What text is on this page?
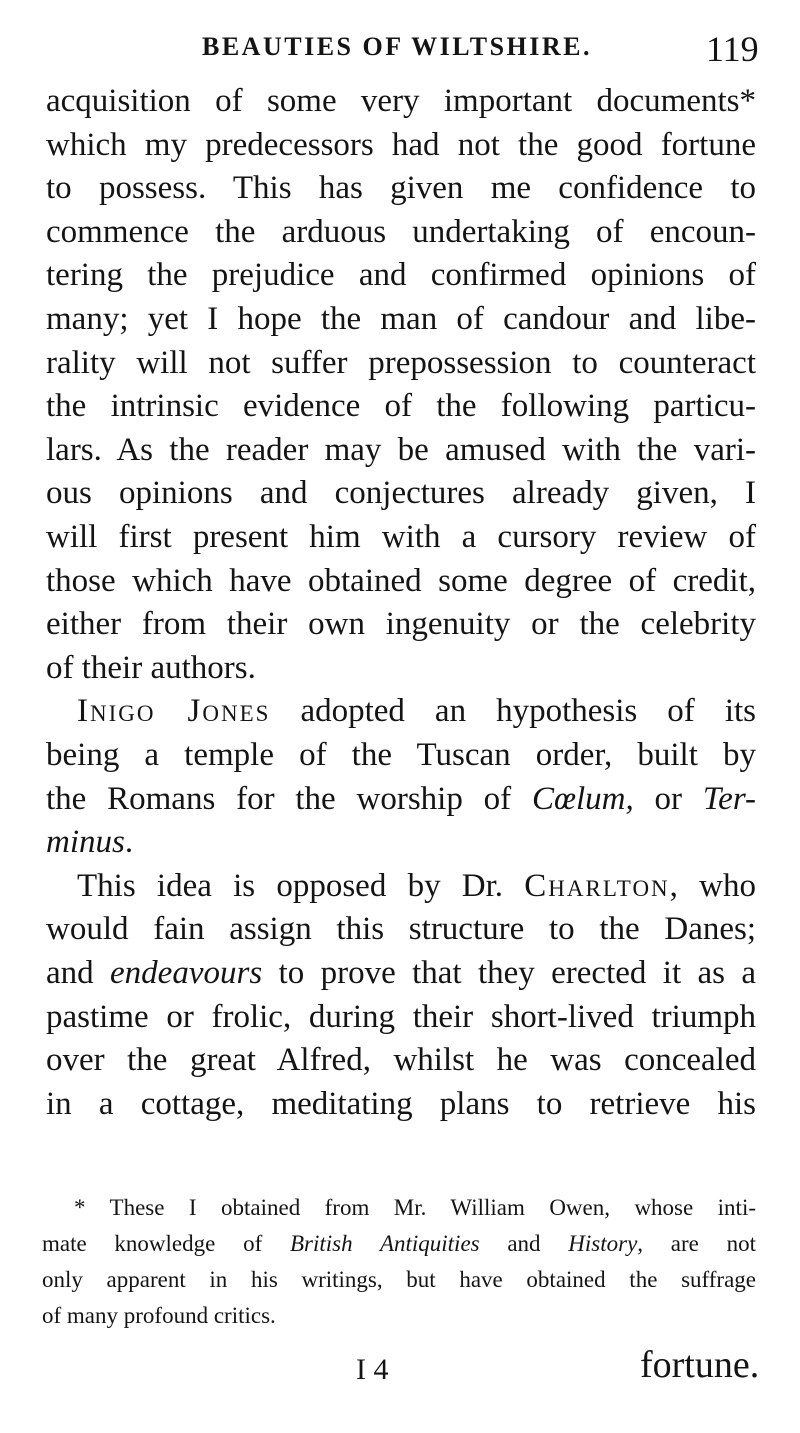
BEAUTIES OF WILTSHIRE.	119
acquisition of some very important documents*
which my predecessors had not the good fortune
to possess. This has given me confidence to
commence the arduous undertaking of encoun-
tering the prejudice and confirmed opinions of
many; yet I hope the man of candour and libe-
rality will not suffer prepossession to counteract
the intrinsic evidence of the following particu-
lars. As the reader may be amused with the vari-
ous opinions and conjectures already given, I
will first present him with a cursory review of
those which have obtained some degree of credit,
either from their own ingenuity or the celebrity
of their authors.
Inigo Jones adopted an hypothesis of its
being a temple of the Tuscan order, built by
the Romans for the worship of Cœlum, or Ter-
minus.
This idea is opposed by Dr. Charlton, who
would fain assign this structure to the Danes;
and endeavours to prove that they erected it as a
pastime or frolic, during their short-lived triumph
over the great Alfred, whilst he was concealed
in a cottage, meditating plans to retrieve his
* These I obtained from Mr. William Owen, whose inti-
mate knowledge of British Antiquities and History, are not
only apparent in his writings, but have obtained the suffrage
of many profound critics.
I 4	fortune.
